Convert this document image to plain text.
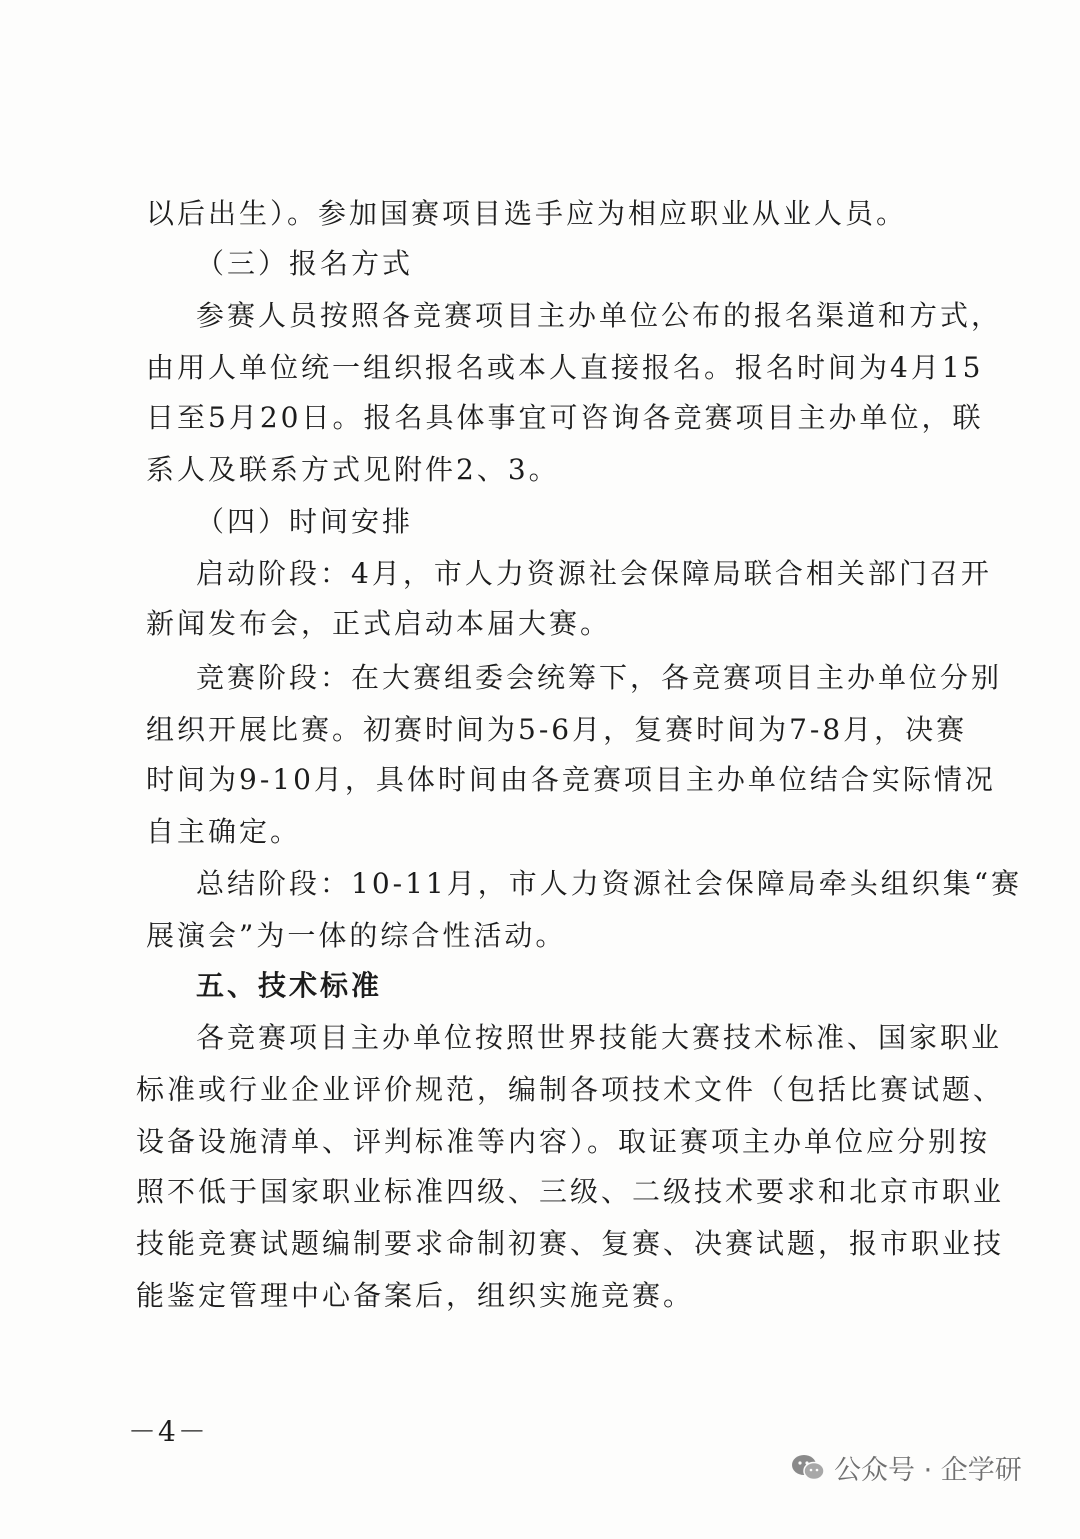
以后出生）。参加国赛项目选手应为相应职业从业人员。
（三）报名方式
参赛人员按照各竞赛项目主办单位公布的报名渠道和方式，
由用人单位统一组织报名或本人直接报名。报名时间为4月15
日至5月20日。报名具体事宜可咨询各竞赛项目主办单位，联
系人及联系方式见附件2、3。
（四）时间安排
启动阶段：4月，市人力资源社会保障局联合相关部门召开
新闻发布会，正式启动本届大赛。
竞赛阶段：在大赛组委会统筹下，各竞赛项目主办单位分别
组织开展比赛。初赛时间为5-6月，复赛时间为7-8月，决赛
时间为9-10月，具体时间由各竞赛项目主办单位结合实际情况
自主确定。
总结阶段：10-11月，市人力资源社会保障局牵头组织集“赛
展演会”为一体的综合性活动。
五、技术标准
各竞赛项目主办单位按照世界技能大赛技术标准、国家职业
标准或行业企业评价规范，编制各项技术文件（包括比赛试题、
设备设施清单、评判标准等内容）。取证赛项主办单位应分别按
照不低于国家职业标准四级、三级、二级技术要求和北京市职业
技能竞赛试题编制要求命制初赛、复赛、决赛试题，报市职业技
能鉴定管理中心备案后，组织实施竞赛。
－4－
公众号 · 企学研
